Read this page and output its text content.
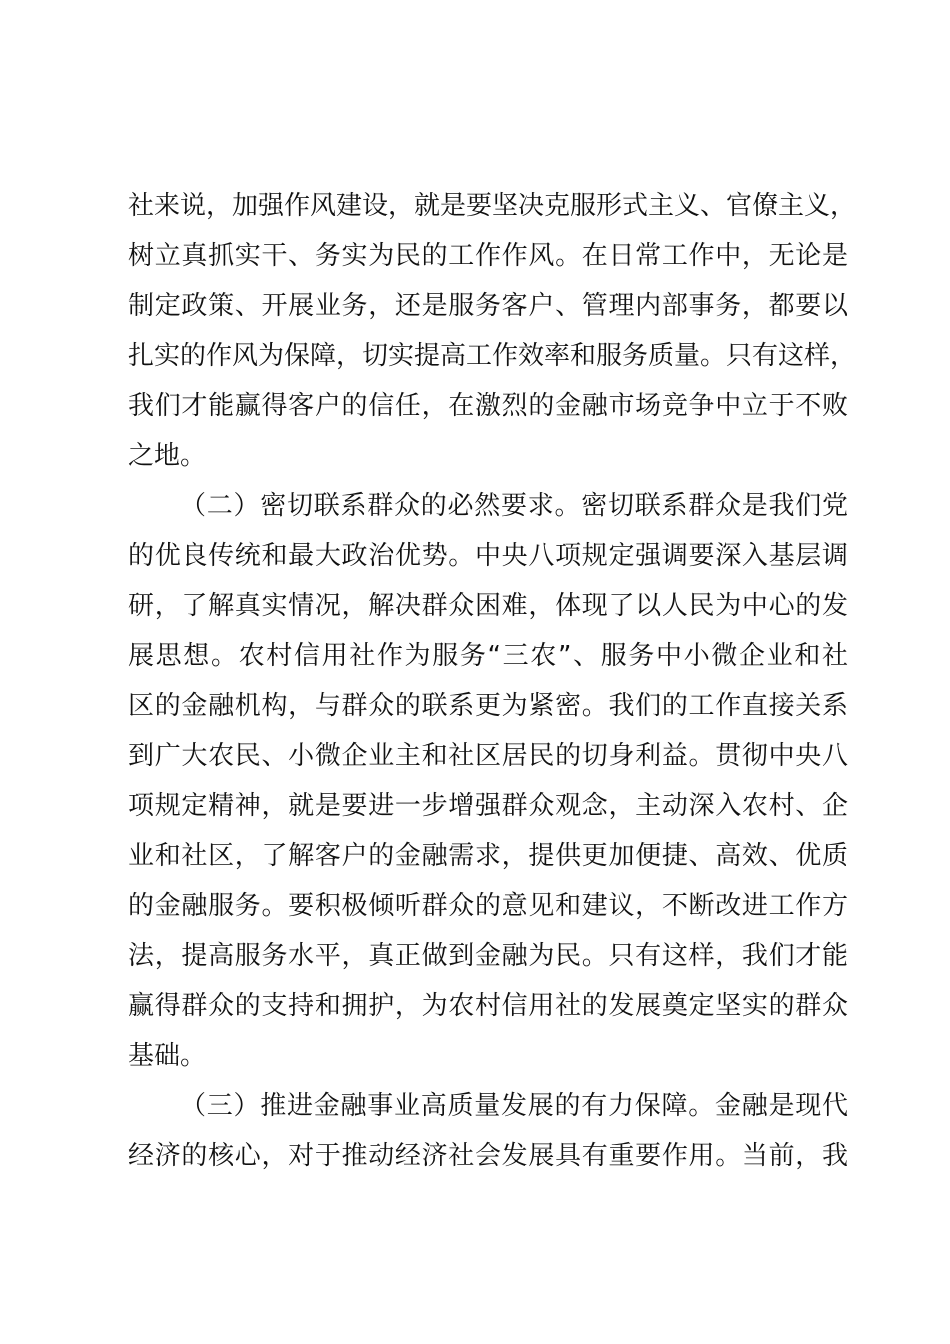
社来说，加强作风建设，就是要坚决克服形式主义、官僚主义，
树立真抓实干、务实为民的工作作风。在日常工作中，无论是
制定政策、开展业务，还是服务客户、管理内部事务，都要以
扎实的作风为保障，切实提高工作效率和服务质量。只有这样，
我们才能赢得客户的信任，在激烈的金融市场竞争中立于不败
之地。
（二）密切联系群众的必然要求。密切联系群众是我们党
的优良传统和最大政治优势。中央八项规定强调要深入基层调
研，了解真实情况，解决群众困难，体现了以人民为中心的发
展思想。农村信用社作为服务“三农”、服务中小微企业和社
区的金融机构，与群众的联系更为紧密。我们的工作直接关系
到广大农民、小微企业主和社区居民的切身利益。贯彻中央八
项规定精神，就是要进一步增强群众观念，主动深入农村、企
业和社区，了解客户的金融需求，提供更加便捷、高效、优质
的金融服务。要积极倾听群众的意见和建议，不断改进工作方
法，提高服务水平，真正做到金融为民。只有这样，我们才能
赢得群众的支持和拥护，为农村信用社的发展奠定坚实的群众
基础。
（三）推进金融事业高质量发展的有力保障。金融是现代
经济的核心，对于推动经济社会发展具有重要作用。当前，我
